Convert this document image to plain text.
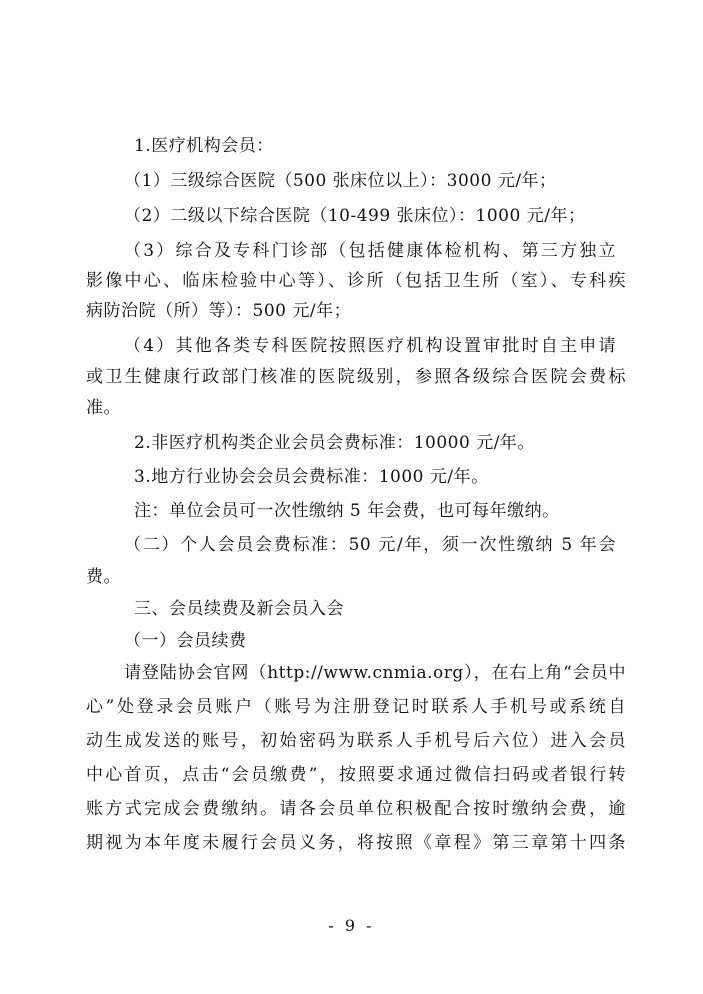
1.医疗机构会员：
（1）三级综合医院（500 张床位以上）：3000 元/年；
（2）二级以下综合医院（10-499 张床位）：1000 元/年；
（3）综合及专科门诊部（包括健康体检机构、第三方独立
影像中心、临床检验中心等）、诊所（包括卫生所（室）、专科疾
病防治院（所）等）：500 元/年；
（4）其他各类专科医院按照医疗机构设置审批时自主申请
或卫生健康行政部门核准的医院级别，参照各级综合医院会费标
准。
2.非医疗机构类企业会员会费标准：10000 元/年。
3.地方行业协会会员会费标准：1000 元/年。
注：单位会员可一次性缴纳 5 年会费，也可每年缴纳。
（二）个人会员会费标准：50 元/年，须一次性缴纳 5 年会
费。
三、会员续费及新会员入会
（一）会员续费
请登陆协会官网（http://www.cnmia.org），在右上角“会员中
心”处登录会员账户（账号为注册登记时联系人手机号或系统自
动生成发送的账号，初始密码为联系人手机号后六位）进入会员
中心首页，点击“会员缴费”，按照要求通过微信扫码或者银行转
账方式完成会费缴纳。请各会员单位积极配合按时缴纳会费，逾
期视为本年度未履行会员义务，将按照《章程》第三章第十四条
- 9 -
